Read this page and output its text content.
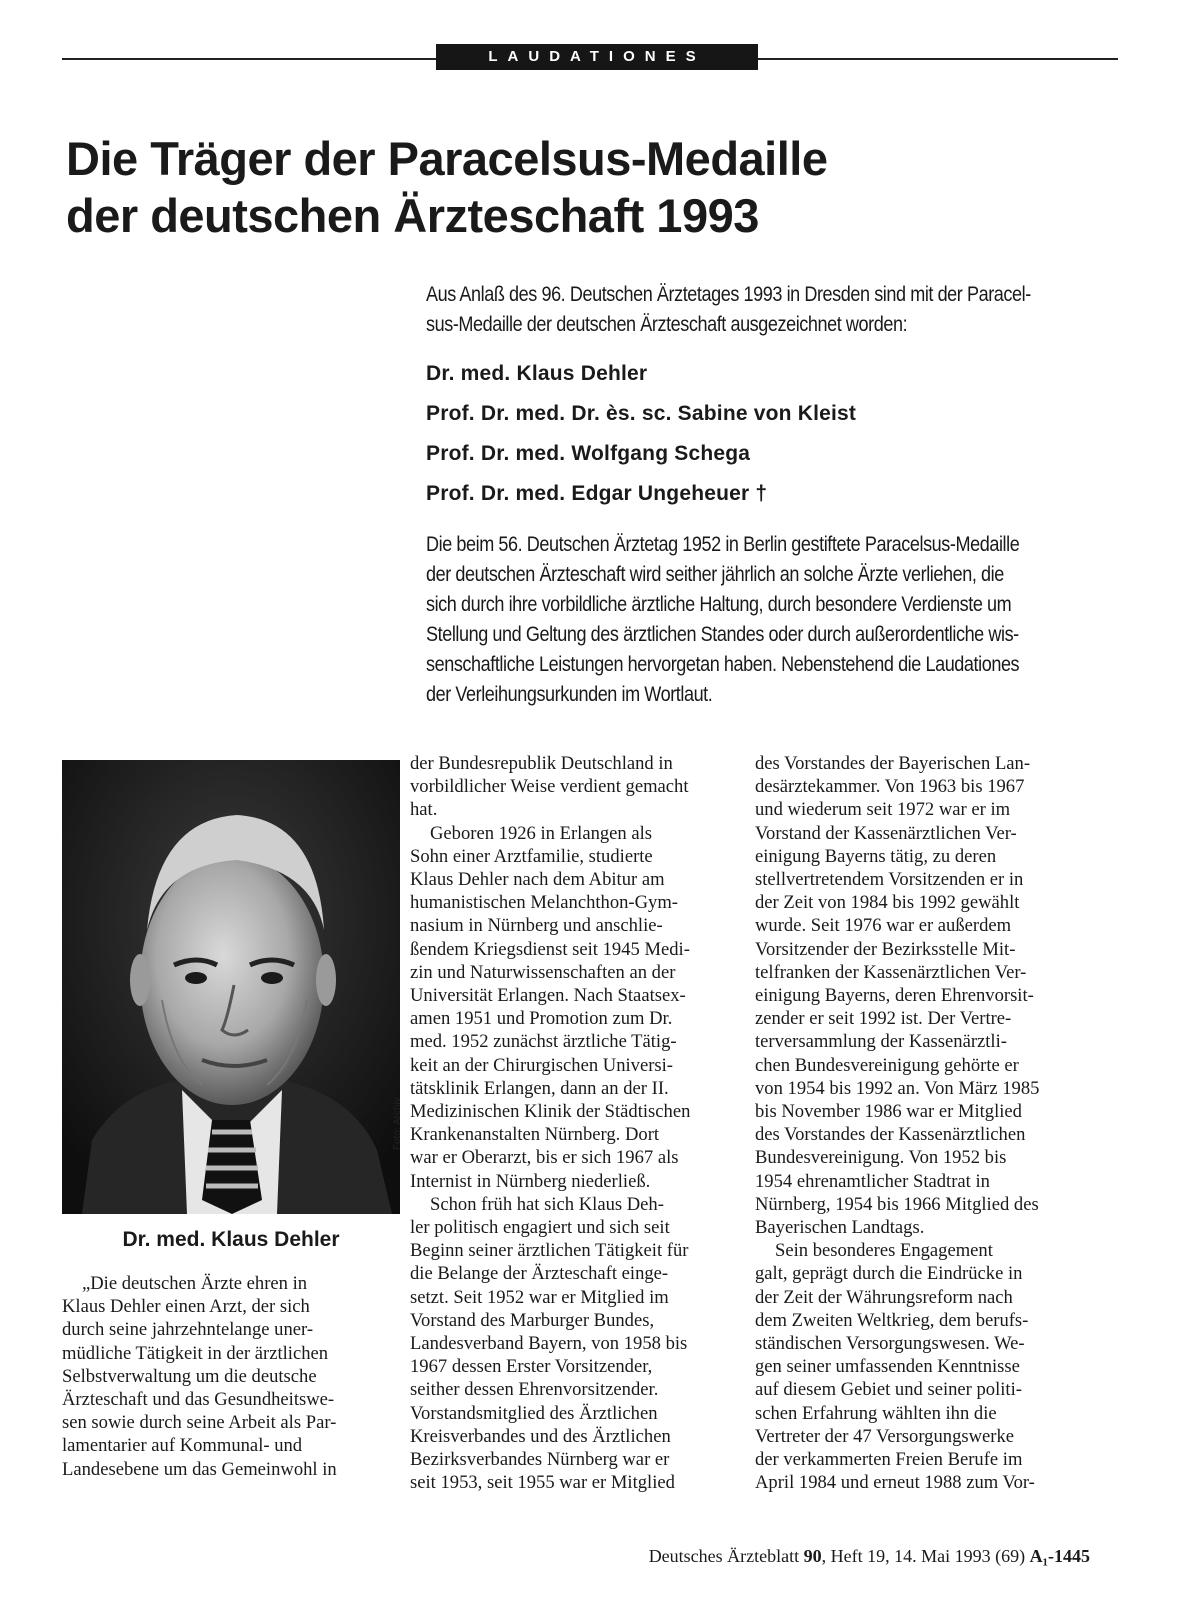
LAUDATIONES
Die Träger der Paracelsus-Medaille
der deutschen Ärzteschaft 1993
Aus Anlaß des 96. Deutschen Ärztetages 1993 in Dresden sind mit der Paracel-
sus-Medaille der deutschen Ärzteschaft ausgezeichnet worden:
Dr. med. Klaus Dehler
Prof. Dr. med. Dr. ès. sc. Sabine von Kleist
Prof. Dr. med. Wolfgang Schega
Prof. Dr. med. Edgar Ungeheuer †
Die beim 56. Deutschen Ärztetag 1952 in Berlin gestiftete Paracelsus-Medaille
der deutschen Ärzteschaft wird seither jährlich an solche Ärzte verliehen, die
sich durch ihre vorbildliche ärztliche Haltung, durch besondere Verdienste um
Stellung und Geltung des ärztlichen Standes oder durch außerordentliche wis-
senschaftliche Leistungen hervorgetan haben. Nebenstehend die Laudationes
der Verleihungsurkunden im Wortlaut.
Foto: Archiv
Dr. med. Klaus Dehler
„Die deutschen Ärzte ehren in
Klaus Dehler einen Arzt, der sich
durch seine jahrzehntelange uner-
müdliche Tätigkeit in der ärztlichen
Selbstverwaltung um die deutsche
Ärzteschaft und das Gesundheitswe-
sen sowie durch seine Arbeit als Par-
lamentarier auf Kommunal- und
Landesebene um das Gemeinwohl in
der Bundesrepublik Deutschland in
vorbildlicher Weise verdient gemacht
hat.
Geboren 1926 in Erlangen als
Sohn einer Arztfamilie, studierte
Klaus Dehler nach dem Abitur am
humanistischen Melanchthon-Gym-
nasium in Nürnberg und anschlie-
ßendem Kriegsdienst seit 1945 Medi-
zin und Naturwissenschaften an der
Universität Erlangen. Nach Staatsex-
amen 1951 und Promotion zum Dr.
med. 1952 zunächst ärztliche Tätig-
keit an der Chirurgischen Universi-
tätsklinik Erlangen, dann an der II.
Medizinischen Klinik der Städtischen
Krankenanstalten Nürnberg. Dort
war er Oberarzt, bis er sich 1967 als
Internist in Nürnberg niederließ.
Schon früh hat sich Klaus Deh-
ler politisch engagiert und sich seit
Beginn seiner ärztlichen Tätigkeit für
die Belange der Ärzteschaft einge-
setzt. Seit 1952 war er Mitglied im
Vorstand des Marburger Bundes,
Landesverband Bayern, von 1958 bis
1967 dessen Erster Vorsitzender,
seither dessen Ehrenvorsitzender.
Vorstandsmitglied des Ärztlichen
Kreisverbandes und des Ärztlichen
Bezirksverbandes Nürnberg war er
seit 1953, seit 1955 war er Mitglied
des Vorstandes der Bayerischen Lan-
desärztekammer. Von 1963 bis 1967
und wiederum seit 1972 war er im
Vorstand der Kassenärztlichen Ver-
einigung Bayerns tätig, zu deren
stellvertretendem Vorsitzenden er in
der Zeit von 1984 bis 1992 gewählt
wurde. Seit 1976 war er außerdem
Vorsitzender der Bezirksstelle Mit-
telfranken der Kassenärztlichen Ver-
einigung Bayerns, deren Ehrenvorsit-
zender er seit 1992 ist. Der Vertre-
terversammlung der Kassenärztli-
chen Bundesvereinigung gehörte er
von 1954 bis 1992 an. Von März 1985
bis November 1986 war er Mitglied
des Vorstandes der Kassenärztlichen
Bundesvereinigung. Von 1952 bis
1954 ehrenamtlicher Stadtrat in
Nürnberg, 1954 bis 1966 Mitglied des
Bayerischen Landtags.
Sein besonderes Engagement
galt, geprägt durch die Eindrücke in
der Zeit der Währungsreform nach
dem Zweiten Weltkrieg, dem berufs-
ständischen Versorgungswesen. We-
gen seiner umfassenden Kenntnisse
auf diesem Gebiet und seiner politi-
schen Erfahrung wählten ihn die
Vertreter der 47 Versorgungswerke
der verkammerten Freien Berufe im
April 1984 und erneut 1988 zum Vor-
Deutsches Ärzteblatt 90, Heft 19, 14. Mai 1993 (69) A₁-1445
